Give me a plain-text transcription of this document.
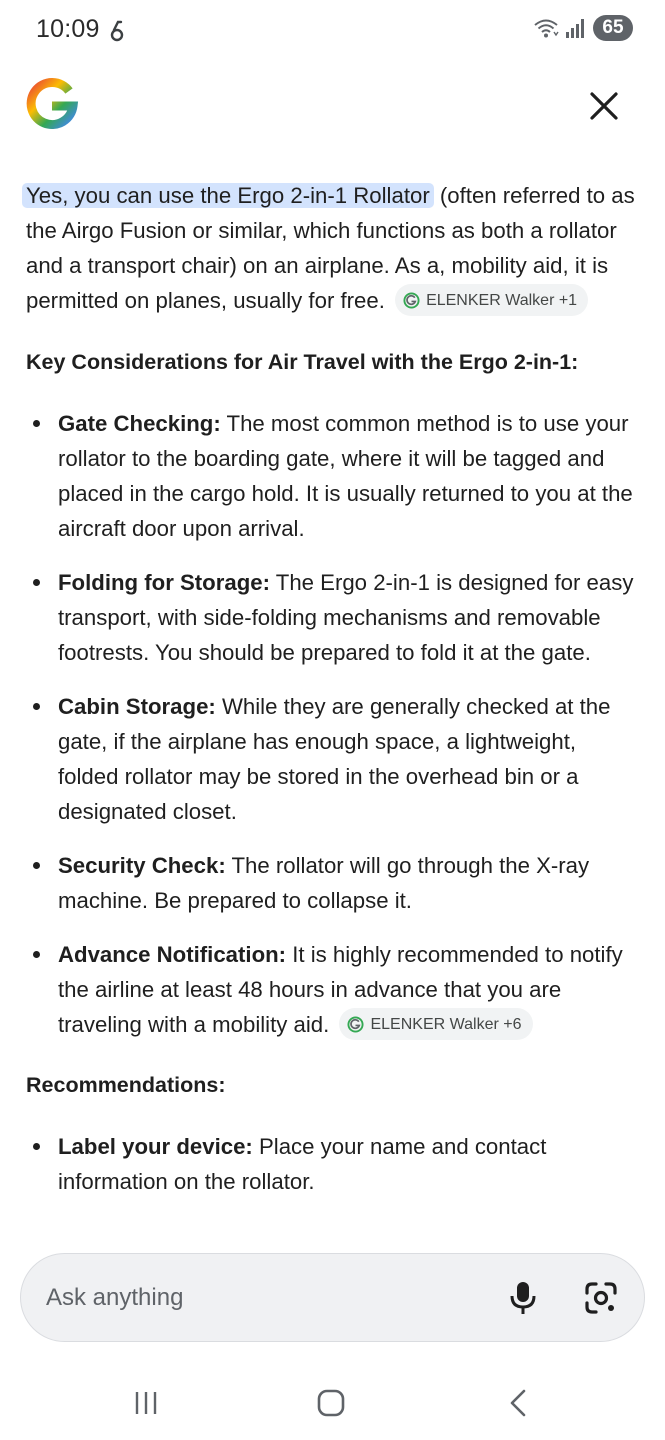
10:09	65

Yes, you can use the Ergo 2-in-1 Rollator (often referred to as the Airgo Fusion or similar, which functions as both a rollator and a transport chair) on an airplane. As a, mobility aid, it is permitted on planes, usually for free.	ELENKER Walker +1

Key Considerations for Air Travel with the Ergo 2-in-1:
Gate Checking: The most common method is to use your rollator to the boarding gate, where it will be tagged and placed in the cargo hold. It is usually returned to you at the aircraft door upon arrival.
Folding for Storage: The Ergo 2-in-1 is designed for easy transport, with side-folding mechanisms and removable footrests. You should be prepared to fold it at the gate.
Cabin Storage: While they are generally checked at the gate, if the airplane has enough space, a lightweight, folded rollator may be stored in the overhead bin or a designated closet.
Security Check: The rollator will go through the X-ray machine. Be prepared to collapse it.
Advance Notification: It is highly recommended to notify the airline at least 48 hours in advance that you are traveling with a mobility aid.	ELENKER Walker +6
Recommendations:
Label your device: Place your name and contact information on the rollator.
Ask anything
